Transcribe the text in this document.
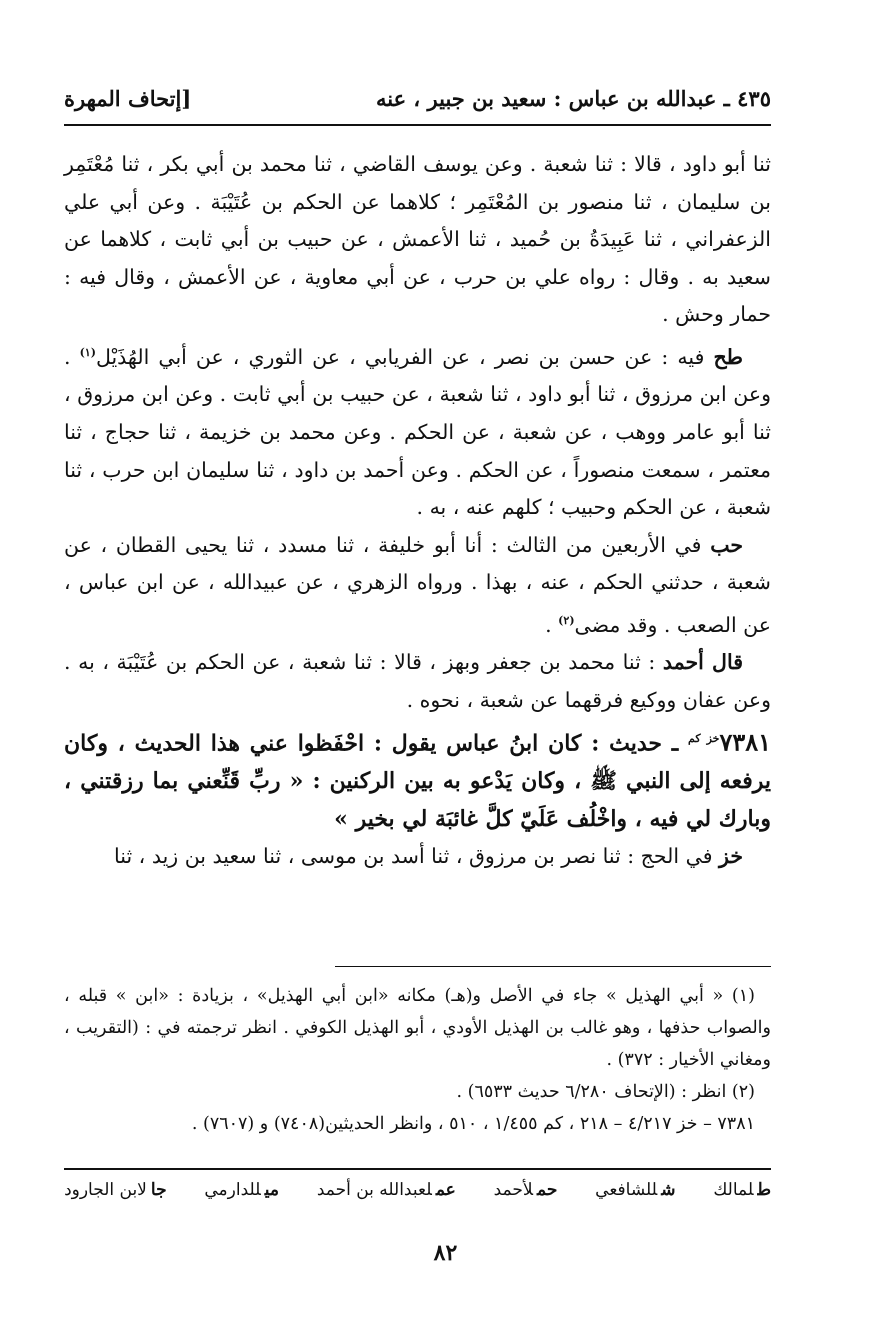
٤٣٥ ـ عبدالله بن عباس : سعيد بن جبير ، عنه
[إتحاف المهرة

ثنا أبو داود ، قالا : ثنا شعبة . وعن يوسف القاضي ، ثنا محمد بن أبي بكر ، ثنا مُعْتَمِر بن سليمان ، ثنا منصور بن المُعْتَمِر ؛ كلاهما عن الحكم بن عُتَيْبَة . وعن أبي علي الزعفراني ، ثنا عَبِيدَةُ بن حُميد ، ثنا الأعمش ، عن حبيب بن أبي ثابت ، كلاهما عن سعيد به . وقال : رواه علي بن حرب ، عن أبي معاوية ، عن الأعمش ، وقال فيه : حمار وحش .

طح فيه : عن حسن بن نصر ، عن الفريابي ، عن الثوري ، عن أبي الهُذَيْل$^{(١)}$ . وعن ابن مرزوق ، ثنا أبو داود ، ثنا شعبة ، عن حبيب بن أبي ثابت . وعن ابن مرزوق ، ثنا أبو عامر ووهب ، عن شعبة ، عن الحكم . وعن محمد بن خزيمة ، ثنا حجاج ، ثنا معتمر ، سمعت منصوراً ، عن الحكم . وعن أحمد بن داود ، ثنا سليمان ابن حرب ، ثنا شعبة ، عن الحكم وحبيب ؛ كلهم عنه ، به .

حب في الأربعين من الثالث : أنا أبو خليفة ، ثنا مسدد ، ثنا يحيى القطان ، عن شعبة ، حدثني الحكم ، عنه ، بهذا . ورواه الزهري ، عن عبيدالله ، عن ابن عباس ، عن الصعب . وقد مضى$^{(٢)}$ .

قال أحمد : ثنا محمد بن جعفر وبهز ، قالا : ثنا شعبة ، عن الحكم بن عُتَيْبَة ، به . وعن عفان ووكيع فرقهما عن شعبة ، نحوه .

$٧٣٨١^{خز كم}$ ـ حديث : كان ابنُ عباس يقول : احْفَظوا عني هذا الحديث ، وكان يرفعه إلى النبي ﷺ ، وكان يَدْعو به بين الركنين : « ربِّ قَنِّعني بما رزقتني ، وبارك لي فيه ، واخْلُف عَلَيّ كلَّ غائبَة لي بخير »

خز في الحج : ثنا نصر بن مرزوق ، ثنا أسد بن موسى ، ثنا سعيد بن زيد ، ثنا

(١) « أبي الهذيل » جاء في الأصل و(هـ) مكانه «ابن أبي الهذيل» ، بزيادة : «ابن » قبله ، والصواب حذفها ، وهو غالب بن الهذيل الأودي ، أبو الهذيل الكوفي . انظر ترجمته في : (التقريب ، ومغاني الأخيار : ٣٧٢) .

(٢) انظر : (الإتحاف ٦/٢٨٠ حديث ٦٥٣٣) .

٧٣٨١ – خز ٤/٢١٧ – ٢١٨ ، كم ١/٤٥٥ ، ٥١٠ ، وانظر الحديثين(٧٤٠٨) و (٧٦٠٧) .

طلمالك
شللشافعي
حملأحمد
عملعبدالله بن أحمد
ميللدارمي
جالابن الجارود
٨٢
